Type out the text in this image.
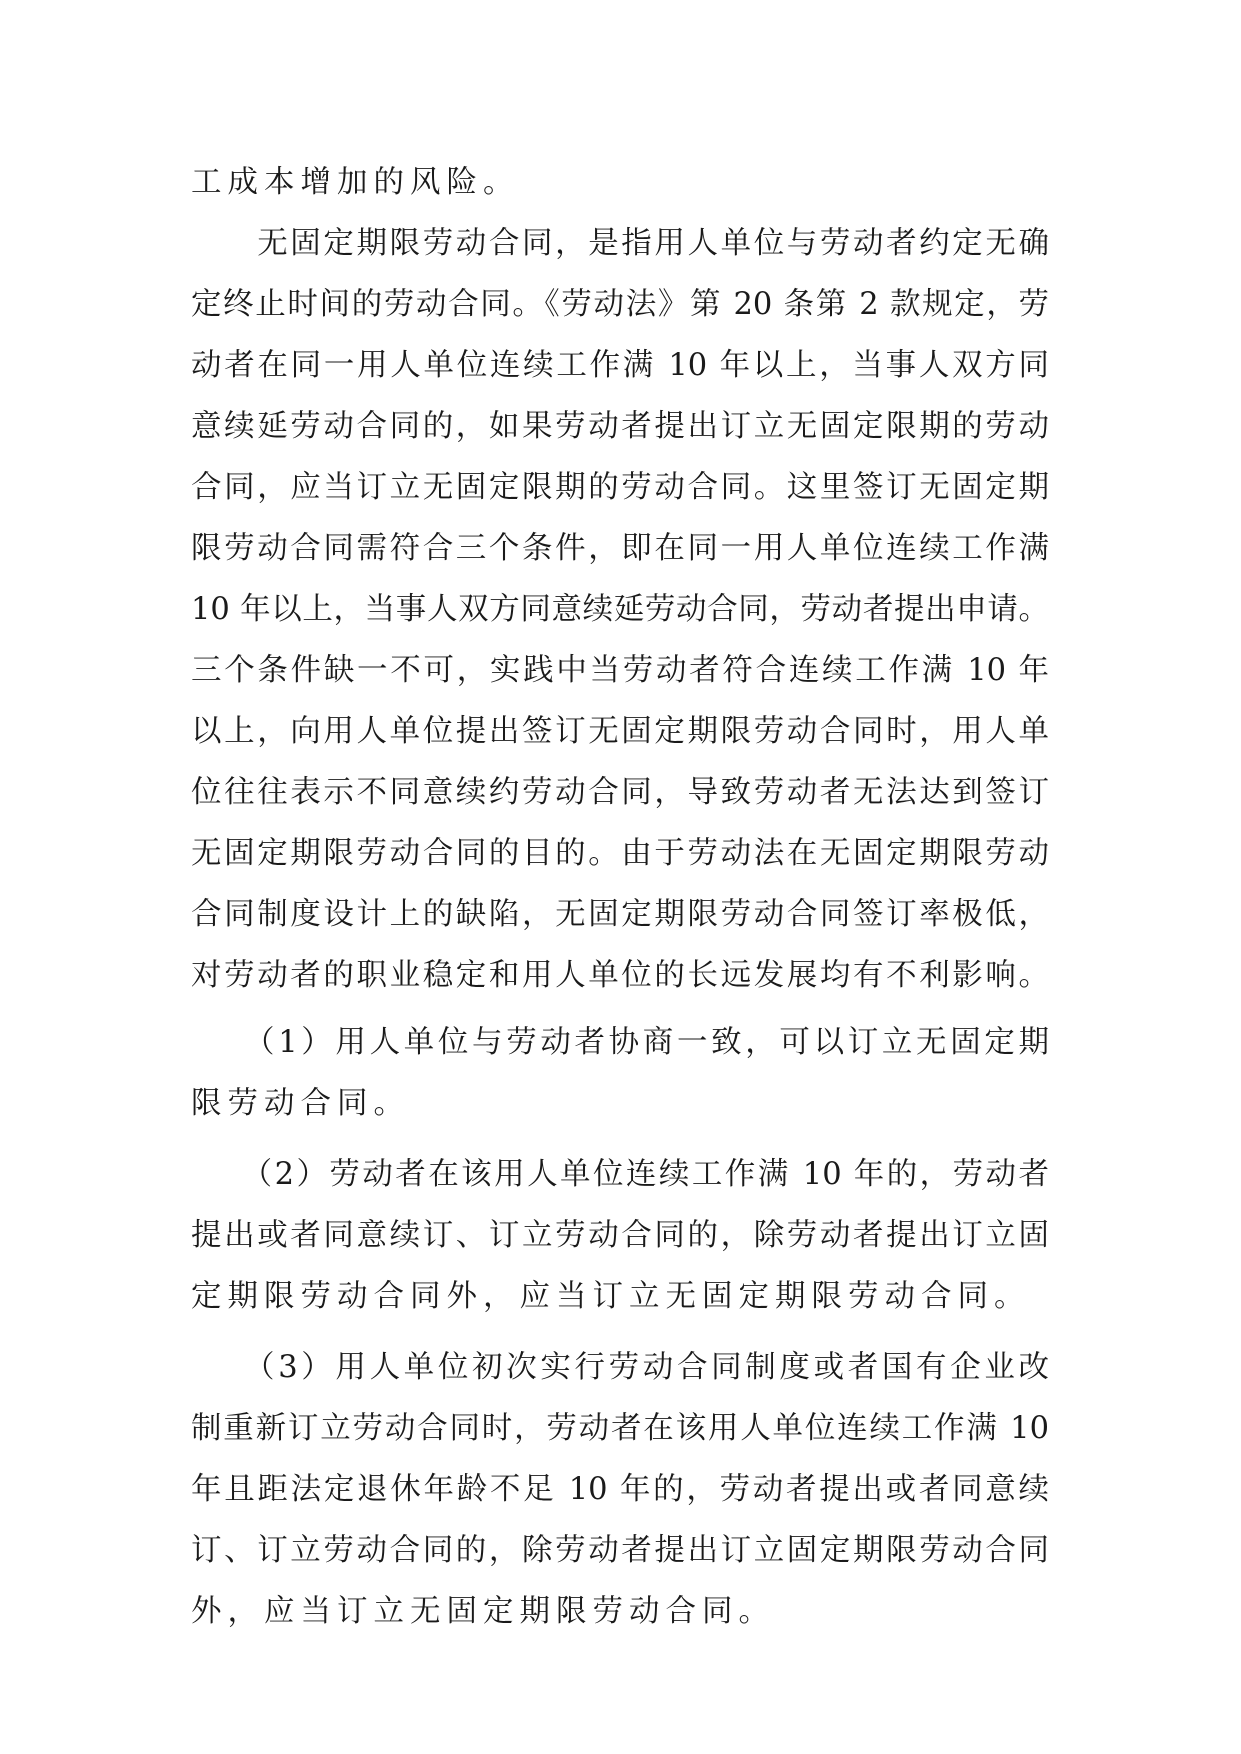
工成本增加的风险。
　　无固定期限劳动合同，是指用人单位与劳动者约定无确
定终止时间的劳动合同。《劳动法》第 20 条第 2 款规定，劳
动者在同一用人单位连续工作满 10 年以上，当事人双方同
意续延劳动合同的，如果劳动者提出订立无固定限期的劳动
合同，应当订立无固定限期的劳动合同。这里签订无固定期
限劳动合同需符合三个条件，即在同一用人单位连续工作满
10 年以上，当事人双方同意续延劳动合同，劳动者提出申请。
三个条件缺一不可，实践中当劳动者符合连续工作满 10 年
以上，向用人单位提出签订无固定期限劳动合同时，用人单
位往往表示不同意续约劳动合同，导致劳动者无法达到签订
无固定期限劳动合同的目的。由于劳动法在无固定期限劳动
合同制度设计上的缺陷，无固定期限劳动合同签订率极低，
对劳动者的职业稳定和用人单位的长远发展均有不利影响。
　　（1）用人单位与劳动者协商一致，可以订立无固定期
限劳动合同。
　　（2）劳动者在该用人单位连续工作满 10 年的，劳动者
提出或者同意续订、订立劳动合同的，除劳动者提出订立固
定期限劳动合同外，应当订立无固定期限劳动合同。
　　（3）用人单位初次实行劳动合同制度或者国有企业改
制重新订立劳动合同时，劳动者在该用人单位连续工作满 10
年且距法定退休年龄不足 10 年的，劳动者提出或者同意续
订、订立劳动合同的，除劳动者提出订立固定期限劳动合同
外，应当订立无固定期限劳动合同。
